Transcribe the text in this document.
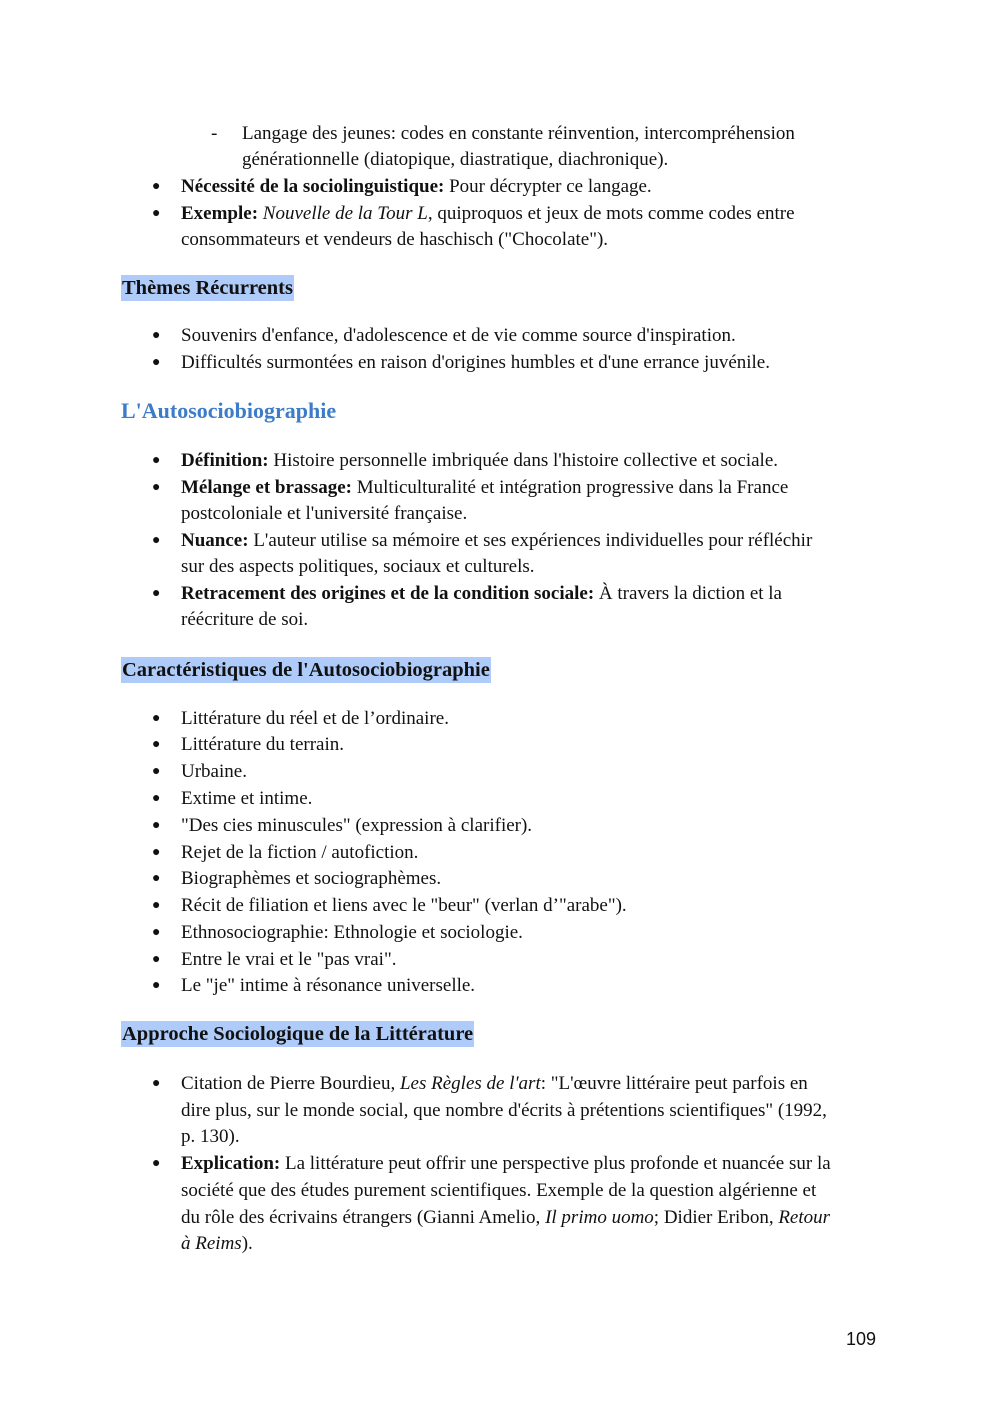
- Langage des jeunes: codes en constante réinvention, intercompréhension
générationnelle (diatopique, diastratique, diachronique).
● Nécessité de la sociolinguistique: Pour décrypter ce langage.
● Exemple: Nouvelle de la Tour L, quiproquos et jeux de mots comme codes entre
consommateurs et vendeurs de haschisch ("Chocolate").
Thèmes Récurrents
● Souvenirs d'enfance, d'adolescence et de vie comme source d'inspiration.
● Difficultés surmontées en raison d'origines humbles et d'une errance juvénile.
L'Autosociobiographie
● Définition: Histoire personnelle imbriquée dans l'histoire collective et sociale.
● Mélange et brassage: Multiculturalité et intégration progressive dans la France
postcoloniale et l'université française.
● Nuance: L'auteur utilise sa mémoire et ses expériences individuelles pour réfléchir
sur des aspects politiques, sociaux et culturels.
● Retracement des origines et de la condition sociale: À travers la diction et la
réécriture de soi.
Caractéristiques de l'Autosociobiographie
● Littérature du réel et de l’ordinaire.
● Littérature du terrain.
● Urbaine.
● Extime et intime.
● "Des cies minuscules" (expression à clarifier).
● Rejet de la fiction / autofiction.
● Biographèmes et sociographèmes.
● Récit de filiation et liens avec le "beur" (verlan d’"arabe").
● Ethnosociographie: Ethnologie et sociologie.
● Entre le vrai et le "pas vrai".
● Le "je" intime à résonance universelle.
Approche Sociologique de la Littérature
● Citation de Pierre Bourdieu, Les Règles de l'art: "L'œuvre littéraire peut parfois en
dire plus, sur le monde social, que nombre d'écrits à prétentions scientifiques" (1992,
p. 130).
● Explication: La littérature peut offrir une perspective plus profonde et nuancée sur la
société que des études purement scientifiques. Exemple de la question algérienne et
du rôle des écrivains étrangers (Gianni Amelio, Il primo uomo; Didier Eribon, Retour
à Reims).
109
